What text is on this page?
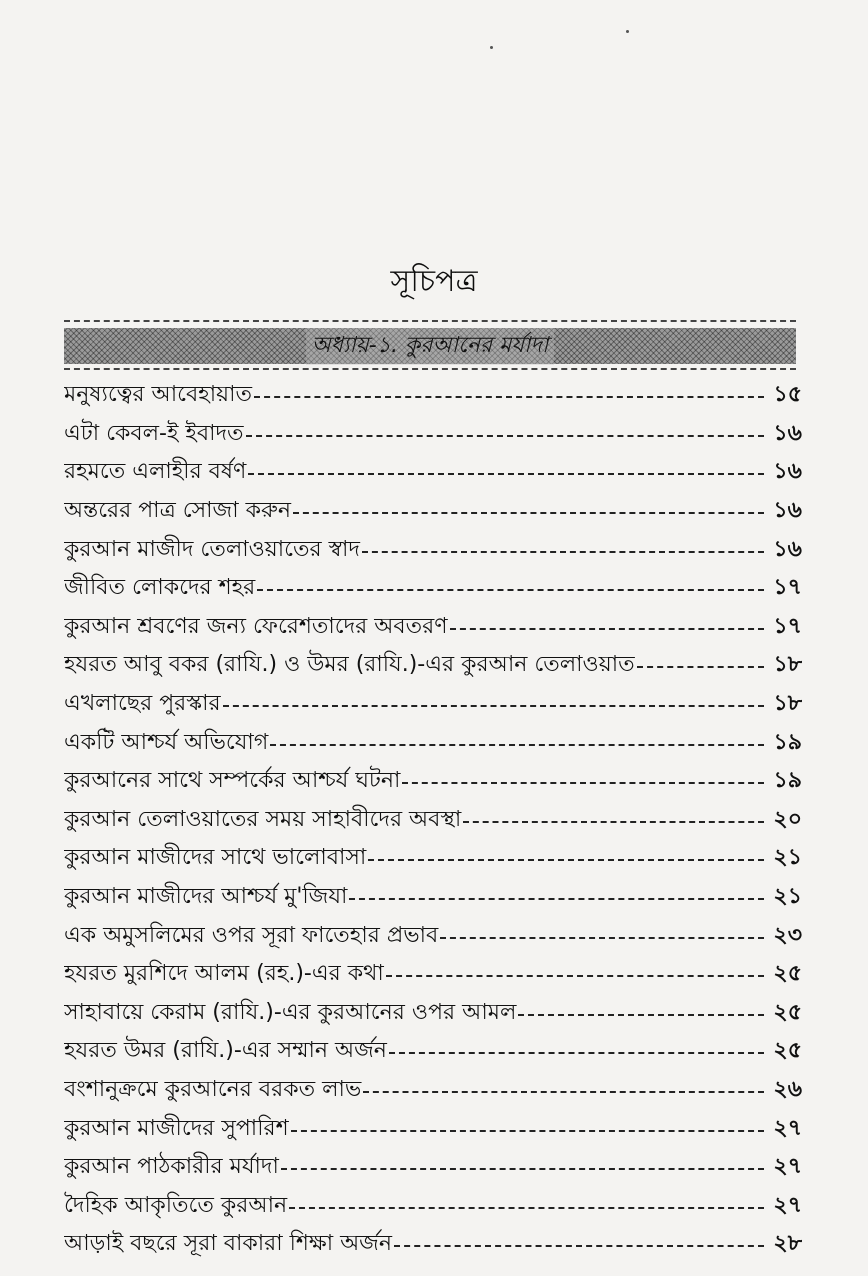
সূচিপত্র
অধ্যায়-১. কুরআনের মর্যাদা
মনুষ্যত্বের আবেহায়াত	১৫
এটা কেবল-ই ইবাদত	১৬
রহমতে এলাহীর বর্ষণ	১৬
অন্তরের পাত্র সোজা করুন	১৬
কুরআন মাজীদ তেলাওয়াতের স্বাদ	১৬
জীবিত লোকদের শহর	১৭
কুরআন শ্রবণের জন্য ফেরেশতাদের অবতরণ	১৭
হযরত আবু বকর (রাযি.) ও উমর (রাযি.)-এর কুরআন তেলাওয়াত	১৮
এখলাছের পুরস্কার	১৮
একটি আশ্চর্য অভিযোগ	১৯
কুরআনের সাথে সম্পর্কের আশ্চর্য ঘটনা	১৯
কুরআন তেলাওয়াতের সময় সাহাবীদের অবস্থা	২০
কুরআন মাজীদের সাথে ভালোবাসা	২১
কুরআন মাজীদের আশ্চর্য মু'জিযা	২১
এক অমুসলিমের ওপর সূরা ফাতেহার প্রভাব	২৩
হযরত মুরশিদে আলম (রহ.)-এর কথা	২৫
সাহাবায়ে কেরাম (রাযি.)-এর কুরআনের ওপর আমল	২৫
হযরত উমর (রাযি.)-এর সম্মান অর্জন	২৫
বংশানুক্রমে কুরআনের বরকত লাভ	২৬
কুরআন মাজীদের সুপারিশ	২৭
কুরআন পাঠকারীর মর্যাদা	২৭
দৈহিক আকৃতিতে কুরআন	২৭
আড়াই বছরে সূরা বাকারা শিক্ষা অর্জন	২৮
